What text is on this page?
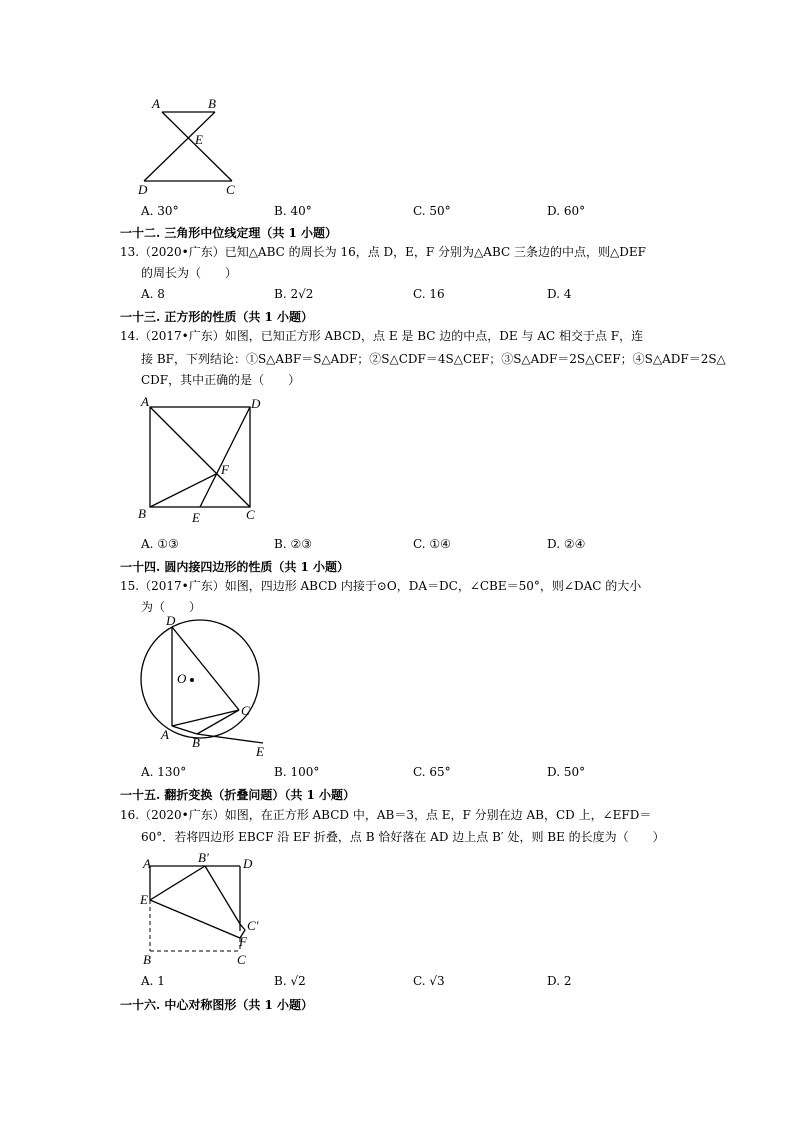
A	B
E
D	C
A. 30°	B. 40°	C. 50°	D. 60°
一十二. 三角形中位线定理（共 1 小题）
13.（2020•广东）已知△ABC 的周长为 16，点 D，E，F 分别为△ABC 三条边的中点，则△DEF
的周长为（　　）
A. 8	B. 2√2	C. 16	D. 4
一十三. 正方形的性质（共 1 小题）
14.（2017•广东）如图，已知正方形 ABCD，点 E 是 BC 边的中点，DE 与 AC 相交于点 F，连
接 BF，下列结论：①S△ABF＝S△ADF；②S△CDF＝4S△CEF；③S△ADF＝2S△CEF；④S△ADF＝2S△
CDF，其中正确的是（　　）
A	D
F
B	E	C
A. ①③	B. ②③	C. ①④	D. ②④
一十四. 圆内接四边形的性质（共 1 小题）
15.（2017•广东）如图，四边形 ABCD 内接于⊙O，DA＝DC，∠CBE＝50°，则∠DAC 的大小
为（　　）
D
O
C
A
B
E
A. 130°	B. 100°	C. 65°	D. 50°
一十五. 翻折变换（折叠问题）（共 1 小题）
16.（2020•广东）如图，在正方形 ABCD 中，AB＝3，点 E，F 分别在边 AB，CD 上，∠EFD＝
60°．若将四边形 EBCF 沿 EF 折叠，点 B 恰好落在 AD 边上点 B′ 处，则 BE 的长度为（　　）
A	B′	D
E
C′
F
B	C
A. 1	B. √2	C. √3	D. 2
一十六. 中心对称图形（共 1 小题）
